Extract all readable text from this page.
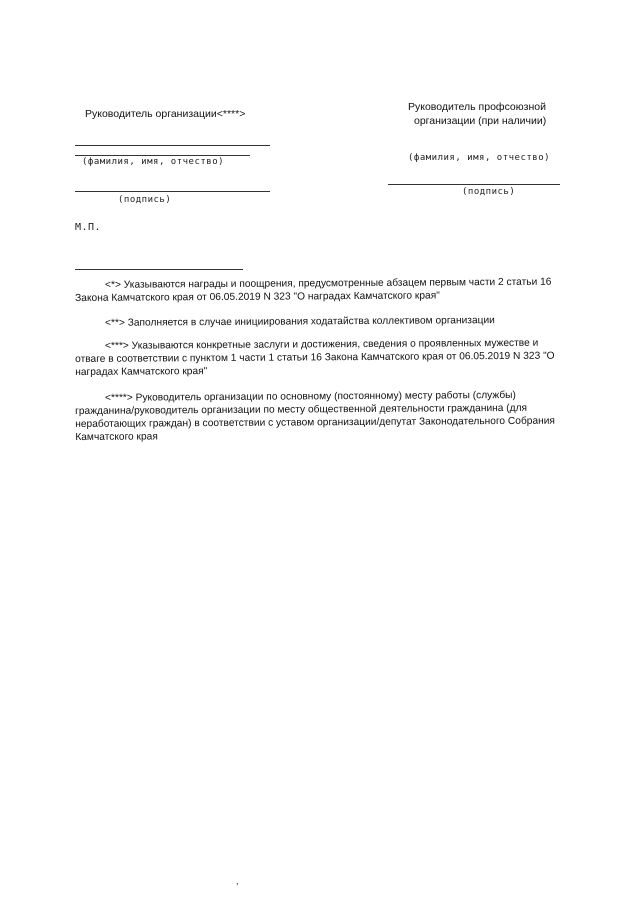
Руководитель организации<****>
(фамилия, имя, отчество)
(подпись)
М.П.
Руководитель профсоюзной
организации (при наличии)
(фамилия, имя, отчество)
(подпись)

<*> Указываются награды и поощрения, предусмотренные абзацем первым части 2 статьи 16 Закона Камчатского края от 06.05.2019 N 323 "О наградах Камчатского края"

<**> Заполняется в случае инициирования ходатайства коллективом организации

<***> Указываются конкретные заслуги и достижения, сведения о проявленных мужестве и отваге в соответствии с пунктом 1 части 1 статьи 16 Закона Камчатского края от 06.05.2019 N 323 "О наградах Камчатского края"

<****> Руководитель организации по основному (постоянному) месту работы (службы) гражданина/руководитель организации по месту общественной деятельности гражданина (для неработающих граждан) в соответствии с уставом организации/депутат Законодательного Собрания Камчатского края

,
